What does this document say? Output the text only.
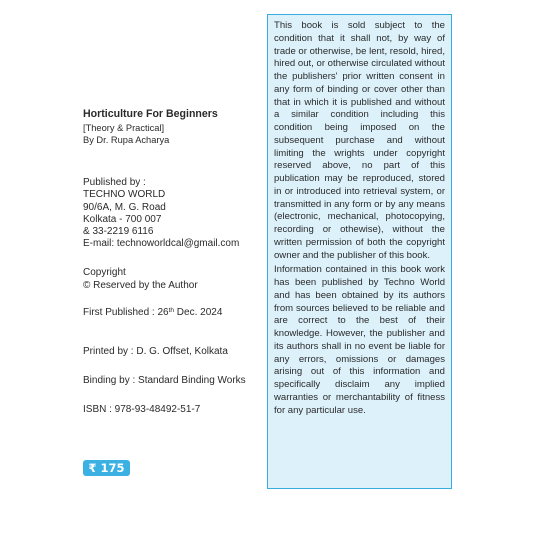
Horticulture For Beginners
[Theory & Practical]
By Dr. Rupa Acharya
Published by :
TECHNO WORLD
90/6A, M. G. Road
Kolkata - 700 007
& 33-2219 6116
E-mail: technoworldcal@gmail.com
Copyright
© Reserved by the Author
First Published : 26th Dec. 2024
Printed by : D. G. Offset, Kolkata
Binding by : Standard Binding Works
ISBN : 978-93-48492-51-7
₹ 175

This book is sold subject to the condition that it shall not, by way of trade or otherwise, be lent, resold, hired, hired out, or otherwise circulated without the publishers' prior written consent in any form of binding or cover other than that in which it is published and without a similar condition including this condition being imposed on the subsequent purchase and without limiting the wrights under copyright reserved above, no part of this publication may be reproduced, stored in or introduced into retrieval system, or transmitted in any form or by any means (electronic, mechanical, photocopying, recording or othewise), without the written permission of both the copyright owner and the publisher of this book.

Information contained in this book work has been published by Techno World and has been obtained by its authors from sources believed to be reliable and are correct to the best of their knowledge. However, the publisher and its authors shall in no event be liable for any errors, omissions or damages arising out of this information and specifically disclaim any implied warranties or merchantability of fitness for any particular use.
